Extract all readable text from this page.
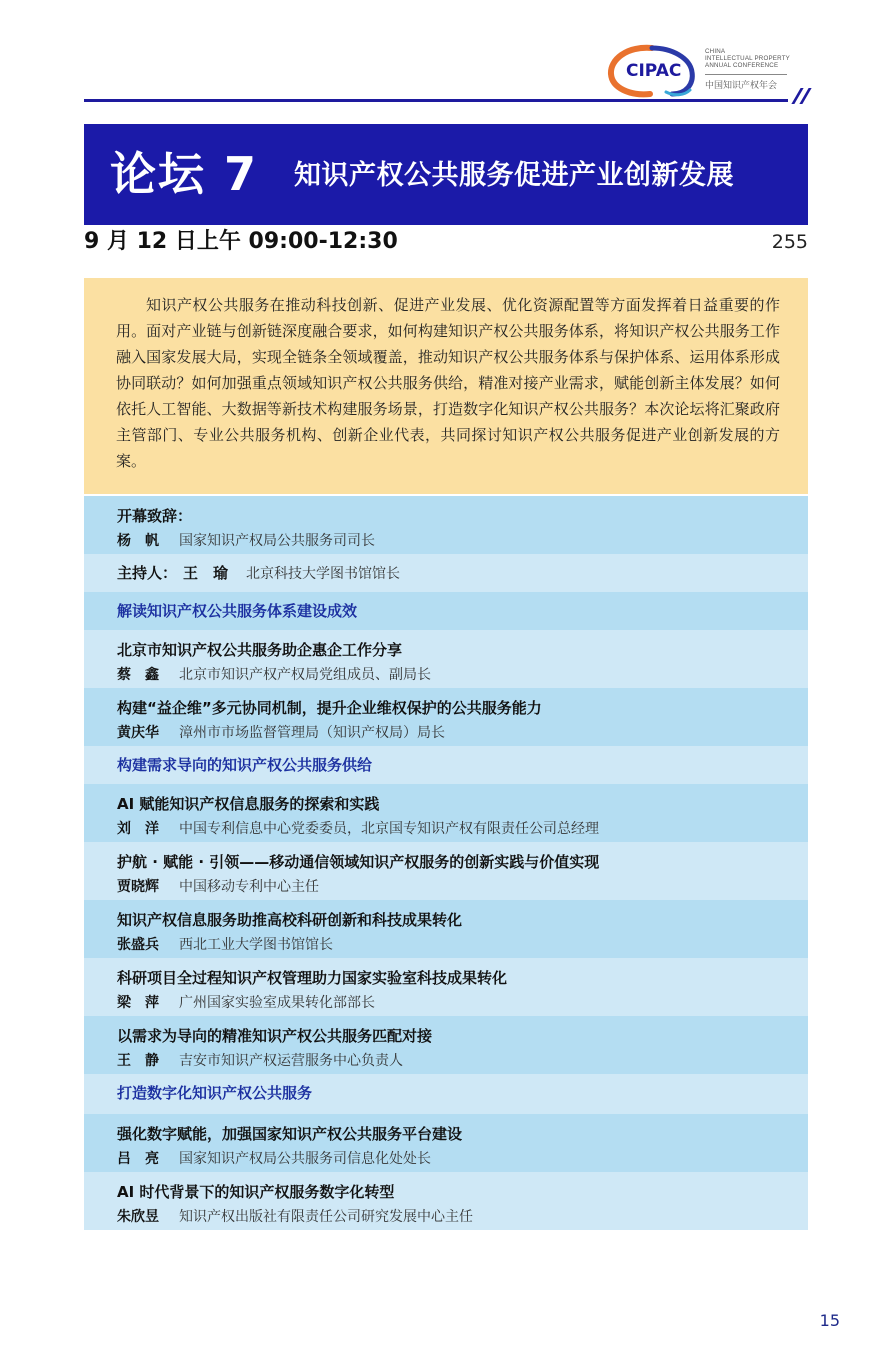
CIPAC
CHINA
INTELLECTUAL PROPERTY
ANNUAL CONFERENCE
中国知识产权年会
论坛 7 知识产权公共服务促进产业创新发展
9 月 12 日上午 09:00-12:30	255

知识产权公共服务在推动科技创新、促进产业发展、优化资源配置等方面发挥着日益重要的作用。面对产业链与创新链深度融合要求，如何构建知识产权公共服务体系，将知识产权公共服务工作融入国家发展大局，实现全链条全领域覆盖，推动知识产权公共服务体系与保护体系、运用体系形成协同联动？如何加强重点领域知识产权公共服务供给，精准对接产业需求，赋能创新主体发展？如何依托人工智能、大数据等新技术构建服务场景，打造数字化知识产权公共服务？本次论坛将汇聚政府主管部门、专业公共服务机构、创新企业代表，共同探讨知识产权公共服务促进产业创新发展的方案。

开幕致辞：
杨　帆 国家知识产权局公共服务司司长
主持人： 王　瑜 北京科技大学图书馆馆长
解读知识产权公共服务体系建设成效
北京市知识产权公共服务助企惠企工作分享
蔡　鑫 北京市知识产权产权局党组成员、副局长
构建“益企维”多元协同机制，提升企业维权保护的公共服务能力
黄庆华 漳州市市场监督管理局（知识产权局）局长
构建需求导向的知识产权公共服务供给
AI 赋能知识产权信息服务的探索和实践
刘　洋 中国专利信息中心党委委员，北京国专知识产权有限责任公司总经理
护航 · 赋能 · 引领——移动通信领域知识产权服务的创新实践与价值实现
贾晓辉 中国移动专利中心主任
知识产权信息服务助推高校科研创新和科技成果转化
张盛兵 西北工业大学图书馆馆长
科研项目全过程知识产权管理助力国家实验室科技成果转化
梁　萍 广州国家实验室成果转化部部长
以需求为导向的精准知识产权公共服务匹配对接
王　静 吉安市知识产权运营服务中心负责人
打造数字化知识产权公共服务
强化数字赋能，加强国家知识产权公共服务平台建设
吕　亮 国家知识产权局公共服务司信息化处处长
AI 时代背景下的知识产权服务数字化转型
朱欣昱 知识产权出版社有限责任公司研究发展中心主任
15
